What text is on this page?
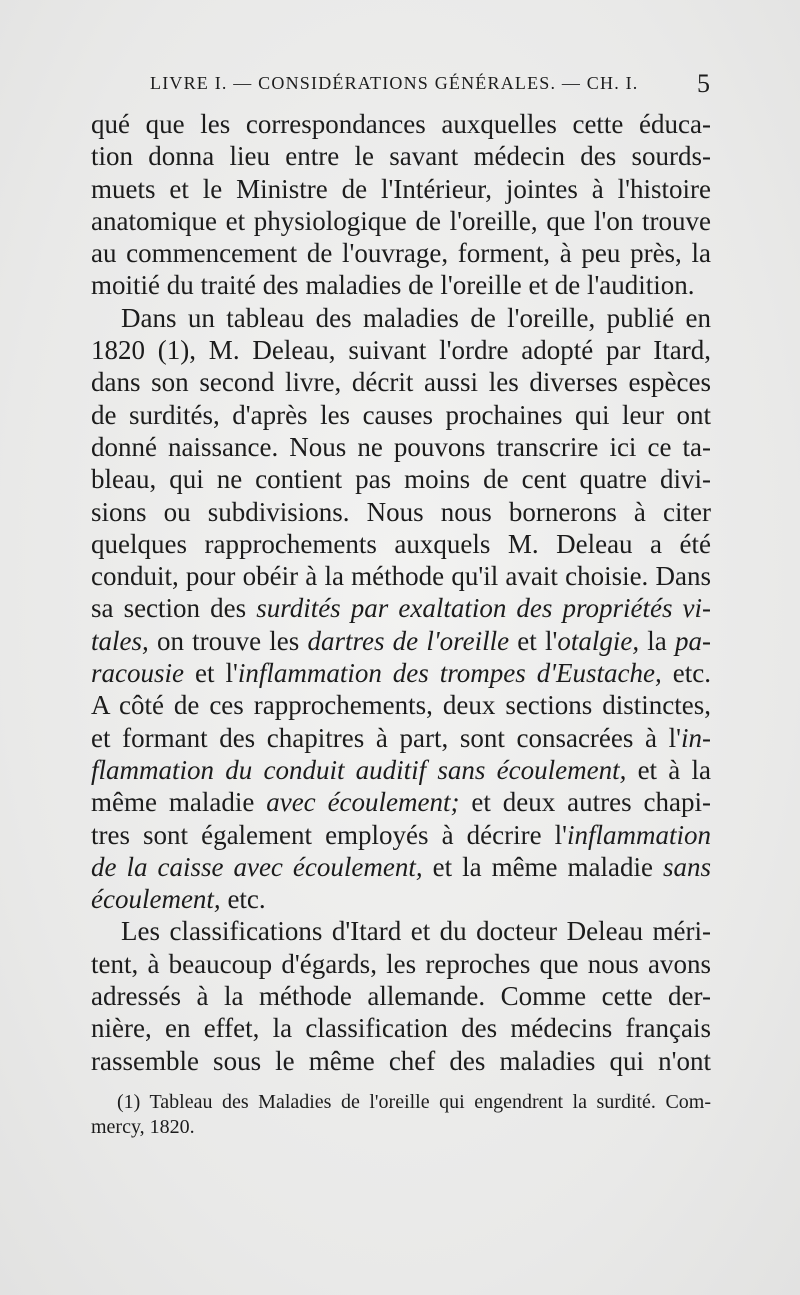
LIVRE I. — CONSIDÉRATIONS GÉNÉRALES. — CH. I. 5
qué que les correspondances auxquelles cette éduca-
tion donna lieu entre le savant médecin des sourds-
muets et le Ministre de l'Intérieur, jointes à l'histoire
anatomique et physiologique de l'oreille, que l'on trouve
au commencement de l'ouvrage, forment, à peu près, la
moitié du traité des maladies de l'oreille et de l'audition.
Dans un tableau des maladies de l'oreille, publié en
1820 (1), M. Deleau, suivant l'ordre adopté par Itard,
dans son second livre, décrit aussi les diverses espèces
de surdités, d'après les causes prochaines qui leur ont
donné naissance. Nous ne pouvons transcrire ici ce ta-
bleau, qui ne contient pas moins de cent quatre divi-
sions ou subdivisions. Nous nous bornerons à citer
quelques rapprochements auxquels M. Deleau a été
conduit, pour obéir à la méthode qu'il avait choisie. Dans
sa section des surdités par exaltation des propriétés vi-
tales, on trouve les dartres de l'oreille et l'otalgie, la pa-
racousie et l'inflammation des trompes d'Eustache, etc.
A côté de ces rapprochements, deux sections distinctes,
et formant des chapitres à part, sont consacrées à l'in-
flammation du conduit auditif sans écoulement, et à la
même maladie avec écoulement; et deux autres chapi-
tres sont également employés à décrire l'inflammation
de la caisse avec écoulement, et la même maladie sans
écoulement, etc.
Les classifications d'Itard et du docteur Deleau mérі-
tent, à beaucoup d'égards, les reproches que nous avons
adressés à la méthode allemande. Comme cette der-
nière, en effet, la classification des médecins français
rassemble sous le même chef des maladies qui n'ont
(1) Tableau des Maladies de l'oreille qui engendrent la surdité. Com-
mercy, 1820.
